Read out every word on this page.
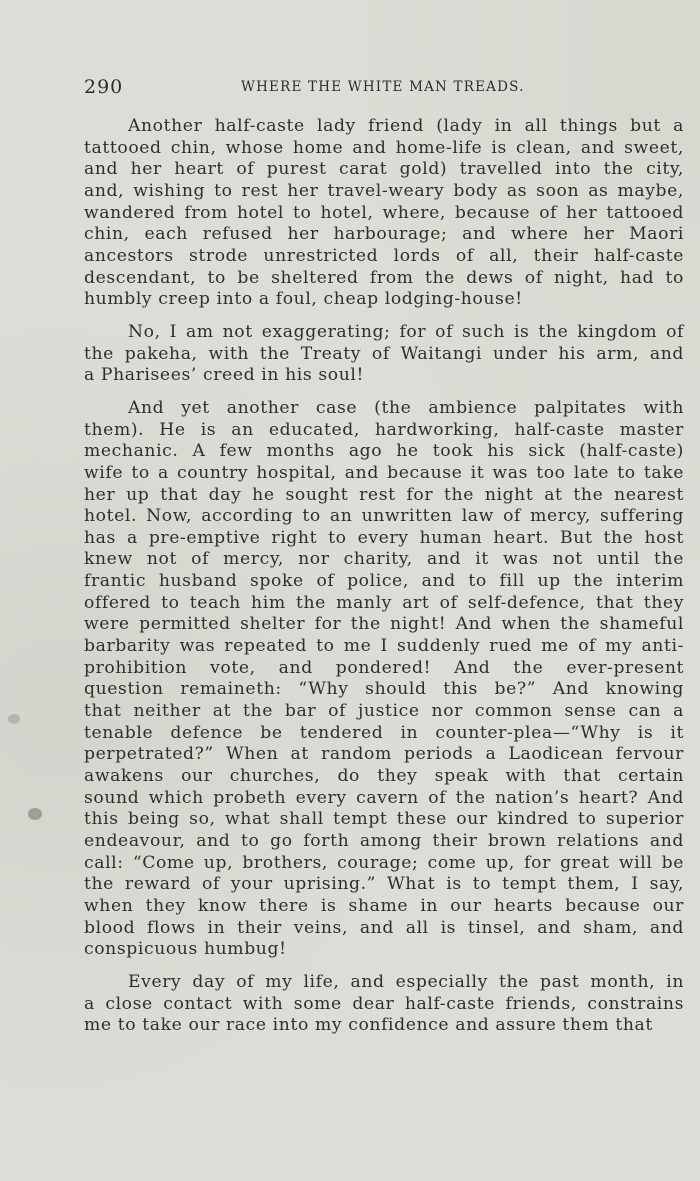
290	WHERE THE WHITE MAN TREADS.
Another half-caste lady friend (lady in all things but a
tattooed chin, whose home and home-life is clean, and sweet,
and her heart of purest carat gold) travelled into the city,
and, wishing to rest her travel-weary body as soon as maybe,
wandered from hotel to hotel, where, because of her tattooed
chin, each refused her harbourage; and where her Maori
ancestors strode unrestricted lords of all, their half-caste
descendant, to be sheltered from the dews of night, had to
humbly creep into a foul, cheap lodging-house!
No, I am not exaggerating; for of such is the kingdom of
the pakeha, with the Treaty of Waitangi under his arm, and
a Pharisees’ creed in his soul!
And yet another case (the ambience palpitates with
them). He is an educated, hardworking, half-caste master
mechanic. A few months ago he took his sick (half-caste)
wife to a country hospital, and because it was too late to take
her up that day he sought rest for the night at the nearest
hotel. Now, according to an unwritten law of mercy, suffering
has a pre-emptive right to every human heart. But the host
knew not of mercy, nor charity, and it was not until the
frantic husband spoke of police, and to fill up the interim
offered to teach him the manly art of self-defence, that they
were permitted shelter for the night! And when the shameful
barbarity was repeated to me I suddenly rued me of my anti-
prohibition vote, and pondered! And the ever-present
question remaineth: “Why should this be?” And knowing
that neither at the bar of justice nor common sense can a
tenable defence be tendered in counter-plea—“Why is it
perpetrated?” When at random periods a Laodicean fervour
awakens our churches, do they speak with that certain
sound which probeth every cavern of the nation’s heart? And
this being so, what shall tempt these our kindred to superior
endeavour, and to go forth among their brown relations and
call: “Come up, brothers, courage; come up, for great will be
the reward of your uprising.” What is to tempt them, I say,
when they know there is shame in our hearts because our
blood flows in their veins, and all is tinsel, and sham, and
conspicuous humbug!
Every day of my life, and especially the past month, in
a close contact with some dear half-caste friends, constrains
me to take our race into my confidence and assure them that
